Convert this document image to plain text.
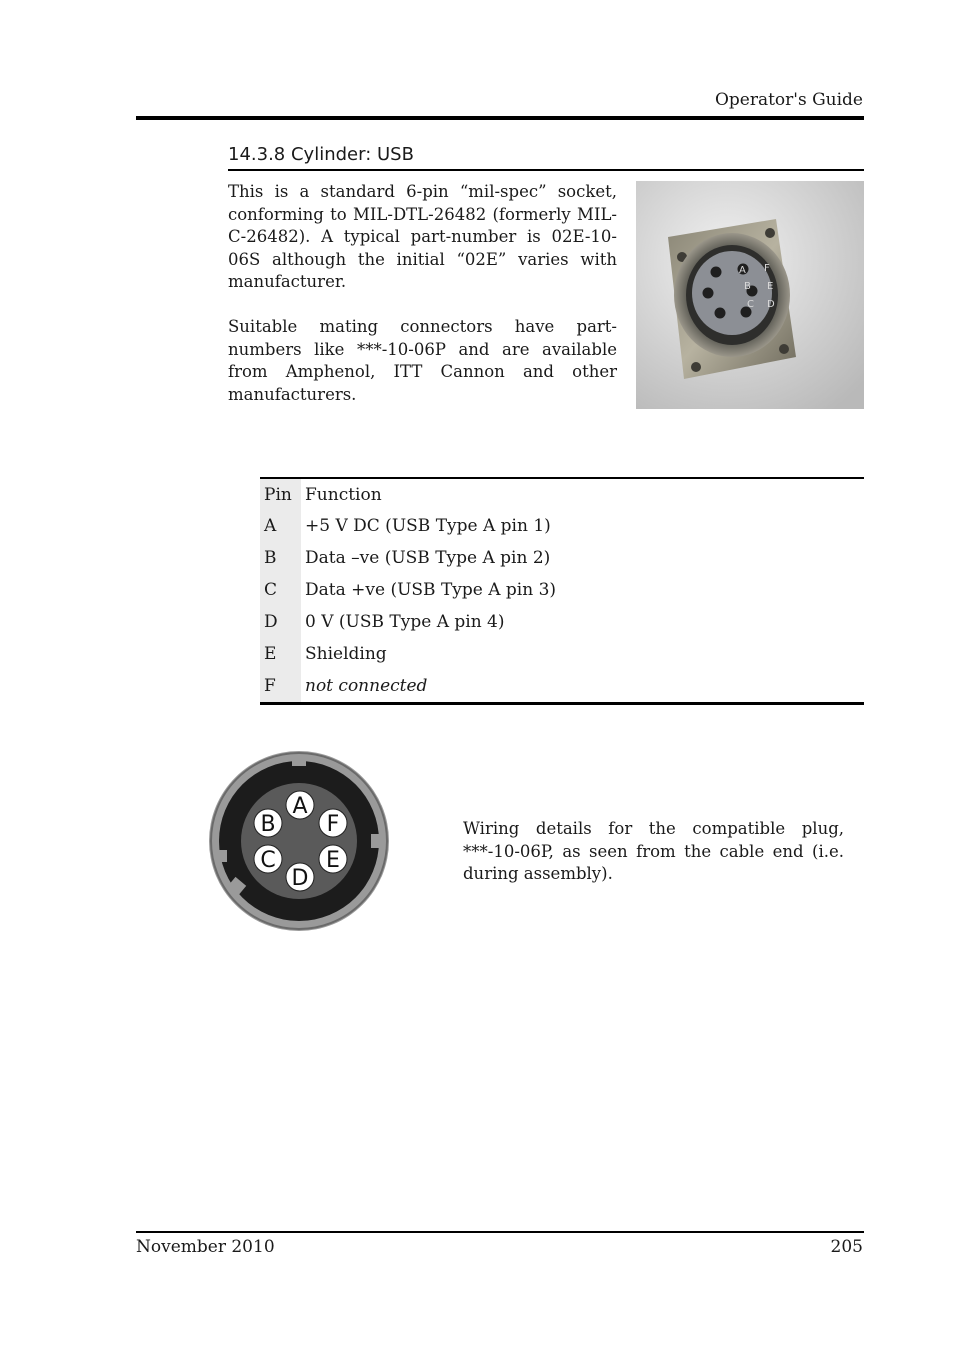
Operator's Guide
14.3.8 Cylinder: USB

This is a standard 6-pin “mil-spec” socket, conforming to MIL-DTL-26482 (formerly MIL-C-26482). A typical part-number is 02E-10-06S although the initial “02E” varies with manufacturer.

Suitable mating connectors have part-numbers like ***-10-06P and are available from Amphenol, ITT Cannon and other manufacturers.

A F
B E
C D
Pin	Function
A	+5 V DC (USB Type A pin 1)
B	Data –ve (USB Type A pin 2)
C	Data +ve (USB Type A pin 3)
D	0 V (USB Type A pin 4)
E	Shielding
F	not connected
A
B F
C E
D

Wiring details for the compatible plug, ***-10-06P, as seen from the cable end (i.e. during assembly).

November 2010	205
